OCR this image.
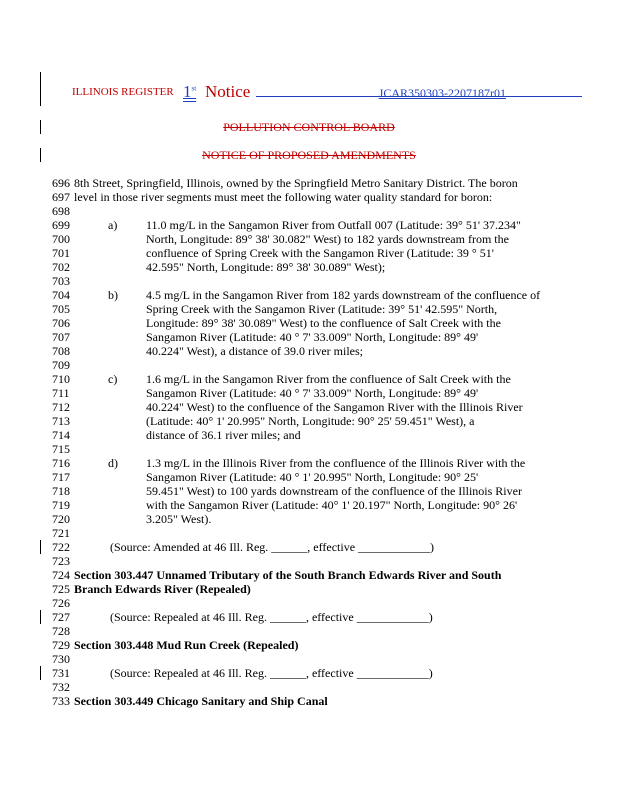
ILLINOIS REGISTER 1st Notice	JCAR350303-2207187r01
POLLUTION CONTROL BOARD
NOTICE OF PROPOSED AMENDMENTS
696 8th Street, Springfield, Illinois, owned by the Springfield Metro Sanitary District. The boron
697 level in those river segments must meet the following water quality standard for boron:
698
699	a) 11.0 mg/L in the Sangamon River from Outfall 007 (Latitude: 39° 51' 37.234"
700	North, Longitude: 89° 38' 30.082" West) to 182 yards downstream from the
701	confluence of Spring Creek with the Sangamon River (Latitude: 39 ° 51'
702	42.595" North, Longitude: 89° 38' 30.089" West);
703
704	b) 4.5 mg/L in the Sangamon River from 182 yards downstream of the confluence of
705	Spring Creek with the Sangamon River (Latitude: 39° 51' 42.595" North,
706	Longitude: 89° 38' 30.089" West) to the confluence of Salt Creek with the
707	Sangamon River (Latitude: 40 ° 7' 33.009" North, Longitude: 89° 49'
708	40.224" West), a distance of 39.0 river miles;
709
710	c) 1.6 mg/L in the Sangamon River from the confluence of Salt Creek with the
711	Sangamon River (Latitude: 40 ° 7' 33.009" North, Longitude: 89° 49'
712	40.224" West) to the confluence of the Sangamon River with the Illinois River
713	(Latitude: 40° 1' 20.995" North, Longitude: 90° 25' 59.451" West), a
714	distance of 36.1 river miles; and
715
716	d) 1.3 mg/L in the Illinois River from the confluence of the Illinois River with the
717	Sangamon River (Latitude: 40 ° 1' 20.995" North, Longitude: 90° 25'
718	59.451" West) to 100 yards downstream of the confluence of the Illinois River
719	with the Sangamon River (Latitude: 40° 1' 20.197" North, Longitude: 90° 26'
720	3.205" West).
721
722	(Source: Amended at 46 Ill. Reg. ______, effective ____________)
723
724 Section 303.447 Unnamed Tributary of the South Branch Edwards River and South
725 Branch Edwards River (Repealed)
726
727	(Source: Repealed at 46 Ill. Reg. ______, effective ____________)
728
729 Section 303.448 Mud Run Creek (Repealed)
730
731	(Source: Repealed at 46 Ill. Reg. ______, effective ____________)
732
733 Section 303.449 Chicago Sanitary and Ship Canal
